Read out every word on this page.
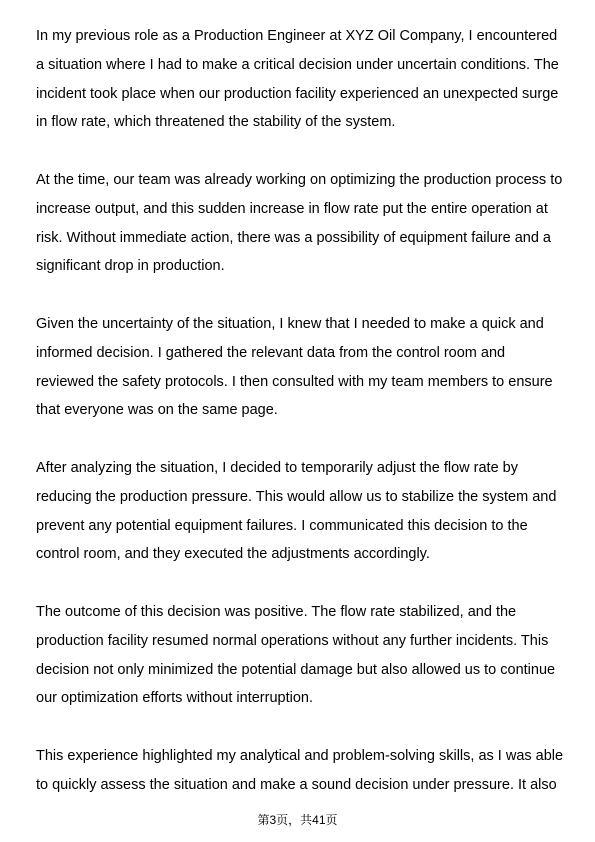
In my previous role as a Production Engineer at XYZ Oil Company, I encountered
a situation where I had to make a critical decision under uncertain conditions. The
incident took place when our production facility experienced an unexpected surge
in flow rate, which threatened the stability of the system.

At the time, our team was already working on optimizing the production process to
increase output, and this sudden increase in flow rate put the entire operation at
risk. Without immediate action, there was a possibility of equipment failure and a
significant drop in production.

Given the uncertainty of the situation, I knew that I needed to make a quick and
informed decision. I gathered the relevant data from the control room and
reviewed the safety protocols. I then consulted with my team members to ensure
that everyone was on the same page.

After analyzing the situation, I decided to temporarily adjust the flow rate by
reducing the production pressure. This would allow us to stabilize the system and
prevent any potential equipment failures. I communicated this decision to the
control room, and they executed the adjustments accordingly.

The outcome of this decision was positive. The flow rate stabilized, and the
production facility resumed normal operations without any further incidents. This
decision not only minimized the potential damage but also allowed us to continue
our optimization efforts without interruption.

This experience highlighted my analytical and problem-solving skills, as I was able
to quickly assess the situation and make a sound decision under pressure. It also

第3页，共41页
